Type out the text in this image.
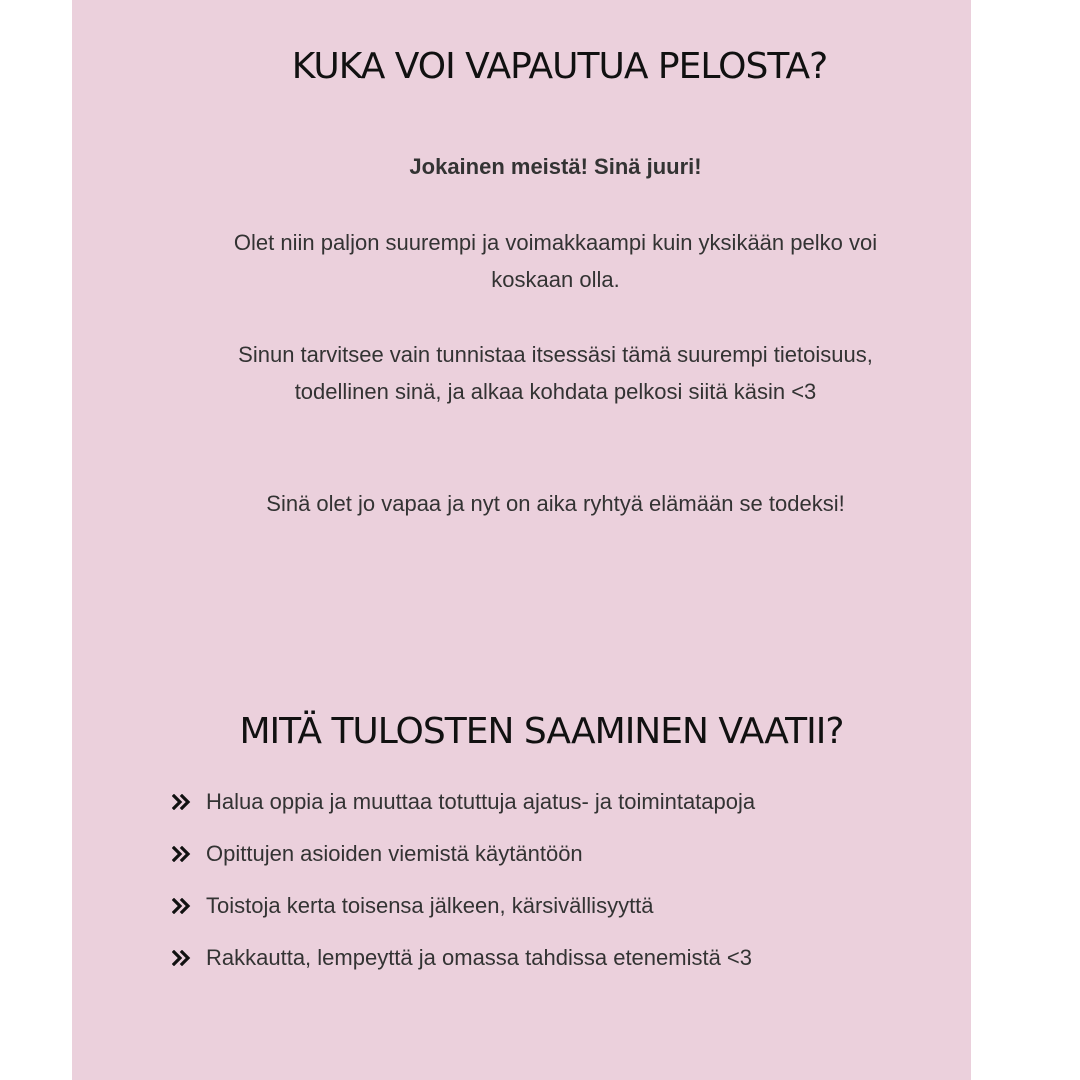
KUKA VOI VAPAUTUA PELOSTA?

Jokainen meistä! Sinä juuri!

Olet niin paljon suurempi ja voimakkaampi kuin yksikään pelko voi koskaan olla.

Sinun tarvitsee vain tunnistaa itsessäsi tämä suurempi tietoisuus, todellinen sinä, ja alkaa kohdata pelkosi siitä käsin <3

Sinä olet jo vapaa ja nyt on aika ryhtyä elämään se todeksi!

MITÄ TULOSTEN SAAMINEN VAATII?
Halua oppia ja muuttaa totuttuja ajatus- ja toimintatapoja
Opittujen asioiden viemistä käytäntöön
Toistoja kerta toisensa jälkeen, kärsivällisyyttä
Rakkautta, lempeyttä ja omassa tahdissa etenemistä <3
